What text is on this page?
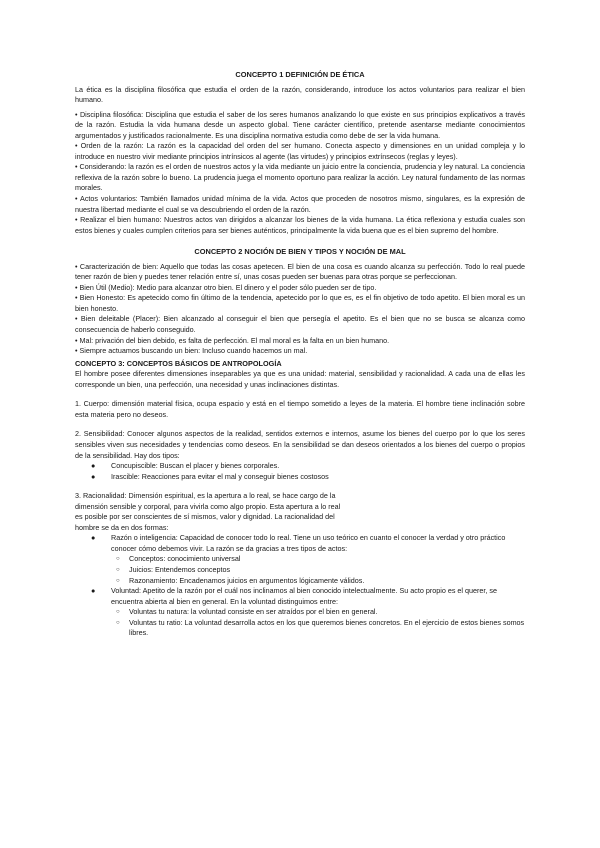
CONCEPTO 1 DEFINICIÓN DE ÉTICA

La ética es la disciplina filosófica que estudia el orden de la razón, considerando, introduce los actos voluntarios para realizar el bien humano.

• Disciplina filosófica: Disciplina que estudia el saber de los seres humanos analizando lo que existe en sus principios explicativos a través de la razón. Estudia la vida humana desde un aspecto global. Tiene carácter científico, pretende asentarse mediante conocimientos argumentados y justificados racionalmente. Es una disciplina normativa estudia como debe de ser la vida humana.

• Orden de la razón: La razón es la capacidad del orden del ser humano. Conecta aspecto y dimensiones en un unidad compleja y lo introduce en nuestro vivir mediante principios intrínsicos al agente (las virtudes) y principios extrínsecos (reglas y leyes).

• Considerando: la razón es el orden de nuestros actos y la vida mediante un juicio entre la conciencia, prudencia y ley natural. La conciencia reflexiva de la razón sobre lo bueno. La prudencia juega el momento oportuno para realizar la acción. Ley natural fundamento de las normas morales.

• Actos voluntarios: También llamados unidad mínima de la vida. Actos que proceden de nosotros mismo, singulares, es la expresión de nuestra libertad mediante el cual se va descubriendo el orden de la razón.

• Realizar el bien humano: Nuestros actos van dirigidos a alcanzar los bienes de la vida humana. La ética reflexiona y estudia cuales son estos bienes y cuales cumplen criterios para ser bienes auténticos, principalmente la vida buena que es el bien supremo del hombre.

CONCEPTO 2 NOCIÓN DE BIEN Y TIPOS Y NOCIÓN DE MAL

• Caracterización de bien: Aquello que todas las cosas apetecen. El bien de una cosa es cuando alcanza su perfección. Todo lo real puede tener razón de bien y puedes tener relación entre sí, unas cosas pueden ser buenas para otras porque se perfeccionan.

• Bien Útil (Medio): Medio para alcanzar otro bien. El dinero y el poder sólo pueden ser de tipo.

• Bien Honesto: Es apetecido como fin último de la tendencia, apetecido por lo que es, es el fin objetivo de todo apetito. El bien moral es un bien honesto.

• Bien deleitable (Placer): Bien alcanzado al conseguir el bien que persegía el apetito. Es el bien que no se busca se alcanza como consecuencia de haberlo conseguido.

• Mal: privación del bien debido, es falta de perfección. El mal moral es la falta en un bien humano.

• Siempre actuamos buscando un bien: Incluso cuando hacemos un mal.

CONCEPTO 3: CONCEPTOS BÁSICOS DE ANTROPOLOGÍA

El hombre posee diferentes dimensiones inseparables ya que es una unidad: material, sensibilidad y racionalidad. A cada una de ellas les corresponde un bien, una perfección, una necesidad y unas inclinaciones distintas.

1. Cuerpo: dimensión material física, ocupa espacio y está en el tiempo sometido a leyes de la materia. El hombre tiene inclinación sobre esta materia pero no deseos.

2. Sensibilidad: Conocer algunos aspectos de la realidad, sentidos externos e internos, asume los bienes del cuerpo por lo que los seres sensibles viven sus necesidades y tendencias como deseos. En la sensibilidad se dan deseos orientados a los bienes del cuerpo o propios de la sensibilidad. Hay dos tipos:

● Concupiscible: Buscan el placer y bienes corporales.
● Irascible: Reacciones para evitar el mal y conseguir bienes costosos
3. Racionalidad: Dimensión espiritual, es la apertura a lo real, se hace cargo de la
dimensión sensible y corporal, para vivirla como algo propio. Esta apertura a lo real
es posible por ser conscientes de sí mismos, valor y dignidad. La racionalidad del
hombre se da en dos formas:
● Razón o inteligencia: Capacidad de conocer todo lo real. Tiene un uso teórico en cuanto el conocer la verdad y otro práctico conocer cómo debemos vivir. La razón se da gracias a tres tipos de actos:
○ Conceptos: conocimiento universal
○ Juicios: Entendemos conceptos
○ Razonamiento: Encadenamos juicios en argumentos lógicamente válidos.
● Voluntad: Apetito de la razón por el cuál nos inclinamos al bien conocido intelectualmente. Su acto propio es el querer, se encuentra abierta al bien en general. En la voluntad distinguimos entre:
○ Voluntas tu natura: la voluntad consiste en ser atraídos por el bien en general.
○ Voluntas tu ratio: La voluntad desarrolla actos en los que queremos bienes concretos. En el ejercicio de estos bienes somos libres.
